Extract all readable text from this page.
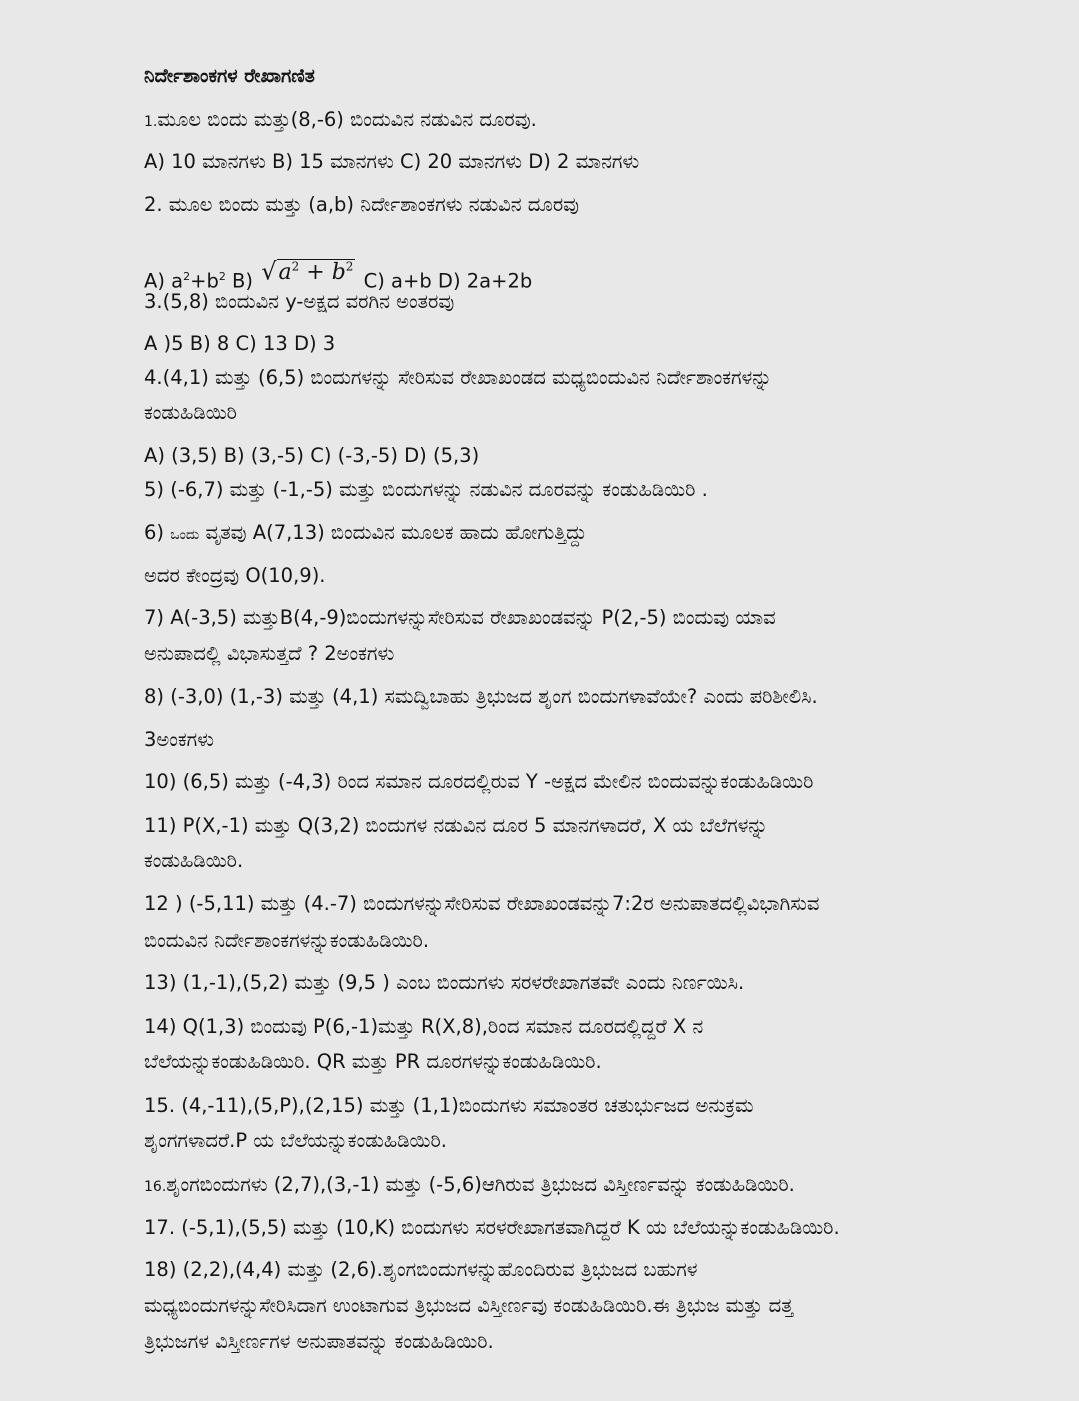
ನಿರ್ದೇಶಾಂಕಗಳ ರೇಖಾಗಣಿತ
1.ಮೂಲ ಬಿಂದು ಮತ್ತು(8,-6) ಬಿಂದುವಿನ ನಡುವಿನ ದೂರವು.
A) 10 ಮಾನಗಳು B) 15 ಮಾನಗಳು C) 20 ಮಾನಗಳು D) 2 ಮಾನಗಳು
2. ಮೂಲ ಬಿಂದು ಮತ್ತು (a,b) ನಿರ್ದೇಶಾಂಕಗಳು ನಡುವಿನ ದೂರವು
A) $a^2+b^2$ B) $√a^2 + b^2$ C) a+b D) 2a+2b
3.(5,8) ಬಿಂದುವಿನ y-ಅಕ್ಷದ ವರಗಿನ ಅಂತರವು
A )5 B) 8 C) 13 D) 3
4.(4,1) ಮತ್ತು (6,5) ಬಿಂದುಗಳನ್ನು ಸೇರಿಸುವ ರೇಖಾಖಂಡದ ಮಧ್ಯಬಿಂದುವಿನ ನಿರ್ದೇಶಾಂಕಗಳನ್ನು
ಕಂಡುಹಿಡಿಯಿರಿ
A) (3,5) B) (3,-5) C) (-3,-5) D) (5,3)
5) (-6,7) ಮತ್ತು (-1,-5) ಮತ್ತು ಬಿಂದುಗಳನ್ನು ನಡುವಿನ ದೂರವನ್ನು ಕಂಡುಹಿಡಿಯಿರಿ .
6) ಒಂದು ವೃತವು A(7,13) ಬಿಂದುವಿನ ಮೂಲಕ ಹಾದು ಹೋಗುತ್ತಿದ್ದು
ಅದರ ಕೇಂದ್ರವು O(10,9).
7) A(-3,5) ಮತ್ತುB(4,-9)ಬಿಂದುಗಳನ್ನುಸೇರಿಸುವ ರೇಖಾಖಂಡವನ್ನು P(2,-5) ಬಿಂದುವು ಯಾವ
ಅನುಪಾದಲ್ಲಿ ವಿಭಾಸುತ್ತದೆ ? 2ಅಂಕಗಳು
8) (-3,0) (1,-3) ಮತ್ತು (4,1) ಸಮದ್ವಿಬಾಹು ತ್ರಿಭುಜದ ಶೃಂಗ ಬಿಂದುಗಳಾವೆಯೇ? ಎಂದು ಪರಿಶೀಲಿಸಿ.
3ಅಂಕಗಳು
10) (6,5) ಮತ್ತು (-4,3) ರಿಂದ ಸಮಾನ ದೂರದಲ್ಲಿರುವ Y -ಅಕ್ಷದ ಮೇಲಿನ ಬಿಂದುವನ್ನುಕಂಡುಹಿಡಿಯಿರಿ
11) P(X,-1) ಮತ್ತು Q(3,2) ಬಿಂದುಗಳ ನಡುವಿನ ದೂರ 5 ಮಾನಗಳಾದರೆ, X ಯ ಬೆಲೆಗಳನ್ನು
ಕಂಡುಹಿಡಿಯಿರಿ.
12 ) (-5,11) ಮತ್ತು (4.-7) ಬಿಂದುಗಳನ್ನುಸೇರಿಸುವ ರೇಖಾಖಂಡವನ್ನು7:2ರ ಅನುಪಾತದಲ್ಲಿವಿಭಾಗಿಸುವ
ಬಿಂದುವಿನ ನಿರ್ದೇಶಾಂಕಗಳನ್ನುಕಂಡುಹಿಡಿಯಿರಿ.
13) (1,-1),(5,2) ಮತ್ತು (9,5 ) ಎಂಬ ಬಿಂದುಗಳು ಸರಳರೇಖಾಗತವೇ ಎಂದು ನಿರ್ಣಯಿಸಿ.
14) Q(1,3) ಬಿಂದುವು P(6,-1)ಮತ್ತು R(X,8),ರಿಂದ ಸಮಾನ ದೂರದಲ್ಲಿದ್ದರೆ X ನ
ಬೆಲೆಯನ್ನುಕಂಡುಹಿಡಿಯಿರಿ. QR ಮತ್ತು PR ದೂರಗಳನ್ನುಕಂಡುಹಿಡಿಯಿರಿ.
15. (4,-11),(5,P),(2,15) ಮತ್ತು (1,1)ಬಿಂದುಗಳು ಸಮಾಂತರ ಚತುರ್ಭುಜದ ಅನುಕ್ರಮ
ಶೃಂಗಗಳಾದರೆ.P ಯ ಬೆಲೆಯನ್ನುಕಂಡುಹಿಡಿಯಿರಿ.
16.ಶೃಂಗಬಿಂದುಗಳು (2,7),(3,-1) ಮತ್ತು (-5,6)ಆಗಿರುವ ತ್ರಿಭುಜದ ವಿಸ್ತೀರ್ಣವನ್ನು ಕಂಡುಹಿಡಿಯಿರಿ.
17. (-5,1),(5,5) ಮತ್ತು (10,K) ಬಿಂದುಗಳು ಸರಳರೇಖಾಗತವಾಗಿದ್ದರೆ K ಯ ಬೆಲೆಯನ್ನುಕಂಡುಹಿಡಿಯಿರಿ.
18) (2,2),(4,4) ಮತ್ತು (2,6).ಶೃಂಗಬಿಂದುಗಳನ್ನುಹೊಂದಿರುವ ತ್ರಿಭುಜದ ಬಹುಗಳ
ಮಧ್ಯಬಿಂದುಗಳನ್ನುಸೇರಿಸಿದಾಗ ಉಂಟಾಗುವ ತ್ರಿಭುಜದ ವಿಸ್ತೀರ್ಣವು ಕಂಡುಹಿಡಿಯಿರಿ.ಈ ತ್ರಿಭುಜ ಮತ್ತು ದತ್ತ
ತ್ರಿಭುಜಗಳ ವಿಸ್ತೀರ್ಣಗಳ ಅನುಪಾತವನ್ನು ಕಂಡುಹಿಡಿಯಿರಿ.
